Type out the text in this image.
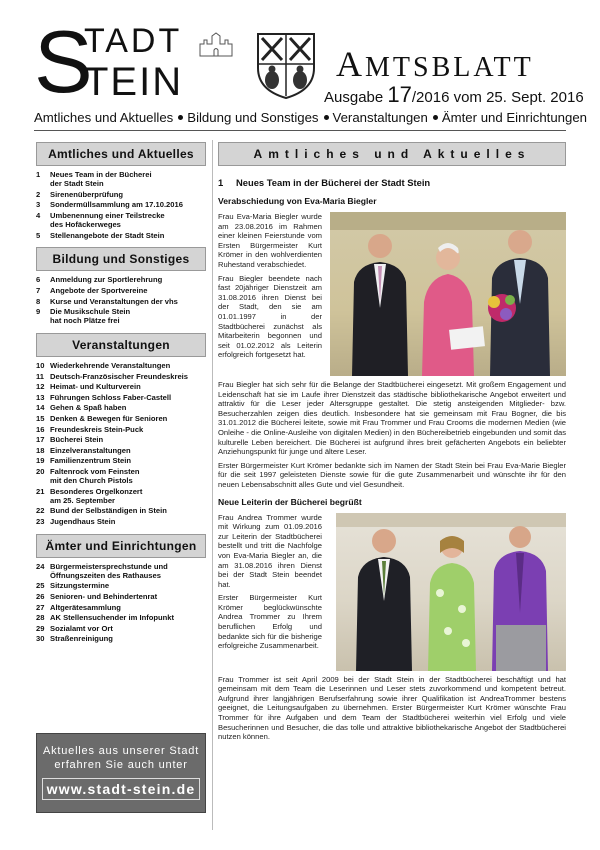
S
TADT
TEIN	AMTSBLATT
Ausgabe 17/2016 vom 25. Sept. 2016
Amtliches und Aktuelles Bildung und Sonstiges Veranstaltungen Ämter und Einrichtungen
Amtliches und Aktuelles
1	Neues Team in der Bücherei
der Stadt Stein
2	Sirenenüberprüfung
3	Sondermüllsammlung am 17.10.2016
4	Umbenennung einer Teilstrecke
des Hofäckerweges
5	Stellenangebote der Stadt Stein
Bildung und Sonstiges
6	Anmeldung zur Sportlerehrung
7	Angebote der Sportvereine
8	Kurse und Veranstaltungen der vhs
9	Die Musikschule Stein
hat noch Plätze frei
Veranstaltungen
10 Wiederkehrende Veranstaltungen
11 Deutsch-Französischer Freundeskreis
12 Heimat- und Kulturverein
13 Führungen Schloss Faber-Castell
14 Gehen & Spaß haben
15 Denken & Bewegen für Senioren
16 Freundeskreis Stein-Puck
17 Bücherei Stein
18 Einzelveranstaltungen
19 Familienzentrum Stein
20 Faltenrock vom Feinsten
mit den Church Pistols
21 Besonderes Orgelkonzert
am 25. September
22 Bund der Selbständigen in Stein
23 Jugendhaus Stein
Ämter und Einrichtungen
24 Bürgermeistersprechstunde und
Öffnungszeiten des Rathauses
25 Sitzungstermine
26 Senioren- und Behindertenrat
27 Altgerätesammlung
28 AK Stellensuchender im Infopunkt
29 Sozialamt vor Ort
30 Straßenreinigung
Aktuelles aus unserer Stadt
erfahren Sie auch unter
www.stadt-stein.de
Amtliches und Aktuelles
1 Neues Team in der Bücherei der Stadt Stein
Verabschiedung von Eva-Maria Biegler

Frau Eva-Maria Biegler wurde am 23.08.2016 im Rahmen einer kleinen Feierstunde vom Ersten Bürgermeister Kurt Krömer in den wohlverdienten Ruhestand verabschiedet.

Frau Biegler beendete nach fast 20jähriger Dienstzeit am 31.08.2016 ihren Dienst bei der Stadt, den sie am 01.01.1997 in der Stadtbücherei zunächst als Mitarbeiterin begonnen und seit 01.02.2012 als Leiterin erfolgreich fortgesetzt hat.

Frau Biegler hat sich sehr für die Belange der Stadtbücherei eingesetzt. Mit großem Engagement und Leidenschaft hat sie im Laufe ihrer Dienstzeit das städtische bibliothekarische Angebot erweitert und attraktiv für die Leser jeder Altersgruppe gestaltet. Die stetig ansteigenden Mitglieder- bzw. Besucherzahlen zeigen dies deutlich. Insbesondere hat sie gemeinsam mit Frau Bogner, die bis 31.01.2012 die Bücherei leitete, sowie mit Frau Trommer und Frau Crooms die modernen Medien (wie Onleihe - die Online-Ausleihe von digitalen Medien) in den Büchereibetrieb eingebunden und somit das kulturelle Leben bereichert. Die Bücherei ist aufgrund ihres breit gefächerten Angebots ein beliebter Anziehungspunkt für junge und ältere Leser.

Erster Bürgermeister Kurt Krömer bedankte sich im Namen der Stadt Stein bei Frau Eva-Marie Biegler für die seit 1997 geleisteten Dienste sowie für die gute Zusammenarbeit und wünschte ihr für den neuen Lebensabschnitt alles Gute und viel Gesundheit.

Neue Leiterin der Bücherei begrüßt

Frau Andrea Trommer wurde mit Wirkung zum 01.09.2016 zur Leiterin der Stadtbücherei bestellt und tritt die Nachfolge von Eva-Maria Biegler an, die am 31.08.2016 ihren Dienst bei der Stadt Stein beendet hat.

Erster Bürgermeister Kurt Krömer beglückwünschte Andrea Trommer zu Ihrem beruflichen Erfolg und bedankte sich für die bisherige erfolgreiche Zusammenarbeit.

Frau Trommer ist seit April 2009 bei der Stadt Stein in der Stadtbücherei beschäftigt und hat gemeinsam mit dem Team die Leserinnen und Leser stets zuvorkommend und kompetent betreut. Aufgrund ihrer langjährigen Berufserfahrung sowie ihrer Qualifikation ist AndreaTrommer bestens geeignet, die Leitungsaufgaben zu übernehmen. Erster Bürgermeister Kurt Krömer wünschte Frau Trommer für ihre Aufgaben und dem Team der Stadtbücherei weiterhin viel Erfolg und viele Besucherinnen und Besucher, die das tolle und attraktive bibliothekarische Angebot der Stadtbücherei nutzen können.
